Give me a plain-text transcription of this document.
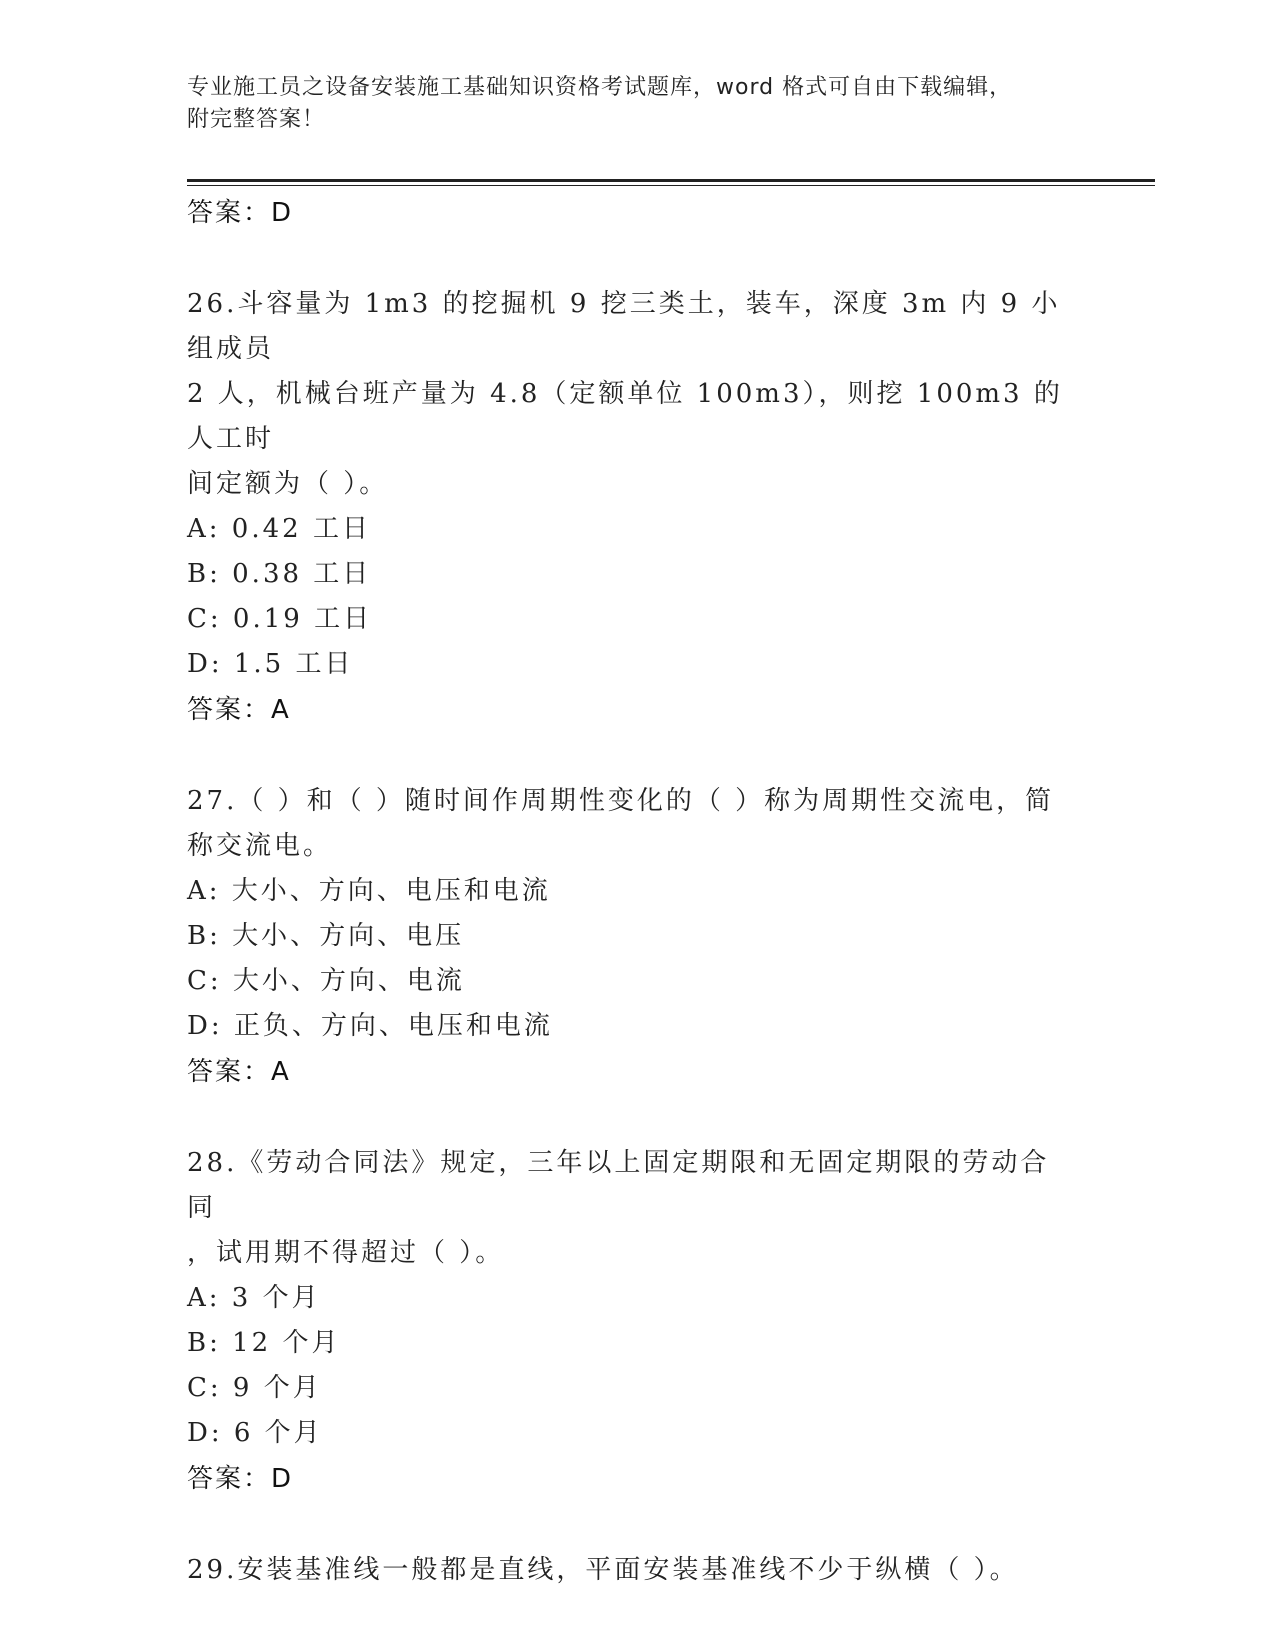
专业施工员之设备安装施工基础知识资格考试题库，word 格式可自由下载编辑，
附完整答案！
答案：D
26.斗容量为 1m3 的挖掘机 9 挖三类土，装车，深度 3m 内 9 小组成员
2 人，机械台班产量为 4.8（定额单位 100m3），则挖 100m3 的人工时
间定额为（ ）。
A: 0.42 工日
B: 0.38 工日
C: 0.19 工日
D: 1.5 工日
答案：A
27.（ ）和（ ）随时间作周期性变化的（ ）称为周期性交流电，简
称交流电。
A: 大小、方向、电压和电流
B: 大小、方向、电压
C: 大小、方向、电流
D: 正负、方向、电压和电流
答案：A
28.《劳动合同法》规定，三年以上固定期限和无固定期限的劳动合同
，试用期不得超过（ ）。
A: 3 个月
B: 12 个月
C: 9 个月
D: 6 个月
答案：D
29.安装基准线一般都是直线，平面安装基准线不少于纵横（ ）。
